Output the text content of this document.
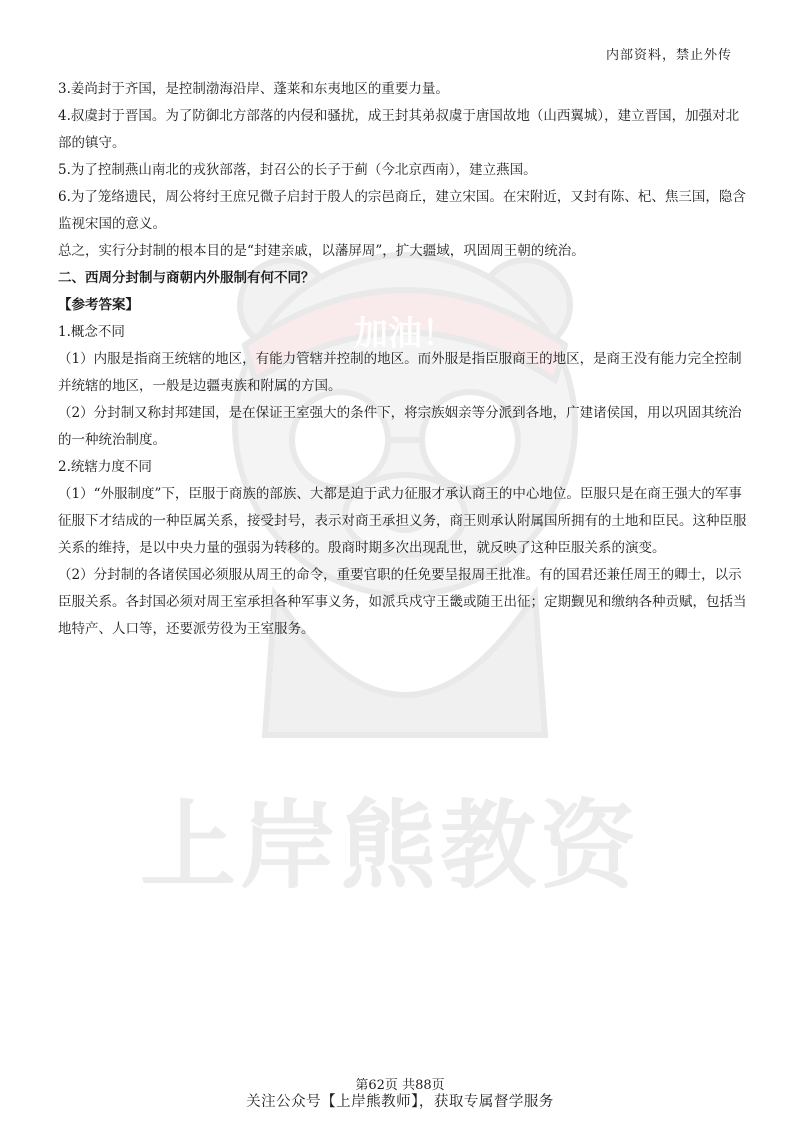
加油！
上岸熊教资
内部资料，禁止外传

3.姜尚封于齐国，是控制渤海沿岸、蓬莱和东夷地区的重要力量。

4.叔虞封于晋国。为了防御北方部落的内侵和骚扰，成王封其弟叔虞于唐国故地（山西翼城），建立晋国，加强对北部的镇守。

5.为了控制燕山南北的戎狄部落，封召公的长子于蓟（今北京西南），建立燕国。

6.为了笼络遗民，周公将纣王庶兄微子启封于殷人的宗邑商丘，建立宋国。在宋附近，又封有陈、杞、焦三国，隐含监视宋国的意义。

总之，实行分封制的根本目的是“封建亲戚，以藩屏周”，扩大疆域，巩固周王朝的统治。

二、西周分封制与商朝内外服制有何不同？

【参考答案】

1.概念不同

（1）内服是指商王统辖的地区，有能力管辖并控制的地区。而外服是指臣服商王的地区，是商王没有能力完全控制并统辖的地区，一般是边疆夷族和附属的方国。

（2）分封制又称封邦建国，是在保证王室强大的条件下，将宗族姻亲等分派到各地，广建诸侯国，用以巩固其统治的一种统治制度。

2.统辖力度不同

（1）“外服制度”下，臣服于商族的部族、大都是迫于武力征服才承认商王的中心地位。臣服只是在商王强大的军事征服下才结成的一种臣属关系，接受封号，表示对商王承担义务，商王则承认附属国所拥有的土地和臣民。这种臣服关系的维持，是以中央力量的强弱为转移的。殷商时期多次出现乱世，就反映了这种臣服关系的演变。

（2）分封制的各诸侯国必须服从周王的命令，重要官职的任免要呈报周王批准。有的国君还兼任周王的卿士，以示臣服关系。各封国必须对周王室承担各种军事义务，如派兵戍守王畿或随王出征；定期觐见和缴纳各种贡赋，包括当地特产、人口等，还要派劳役为王室服务。

第62页 共88页
关注公众号【上岸熊教师】，获取专属督学服务
